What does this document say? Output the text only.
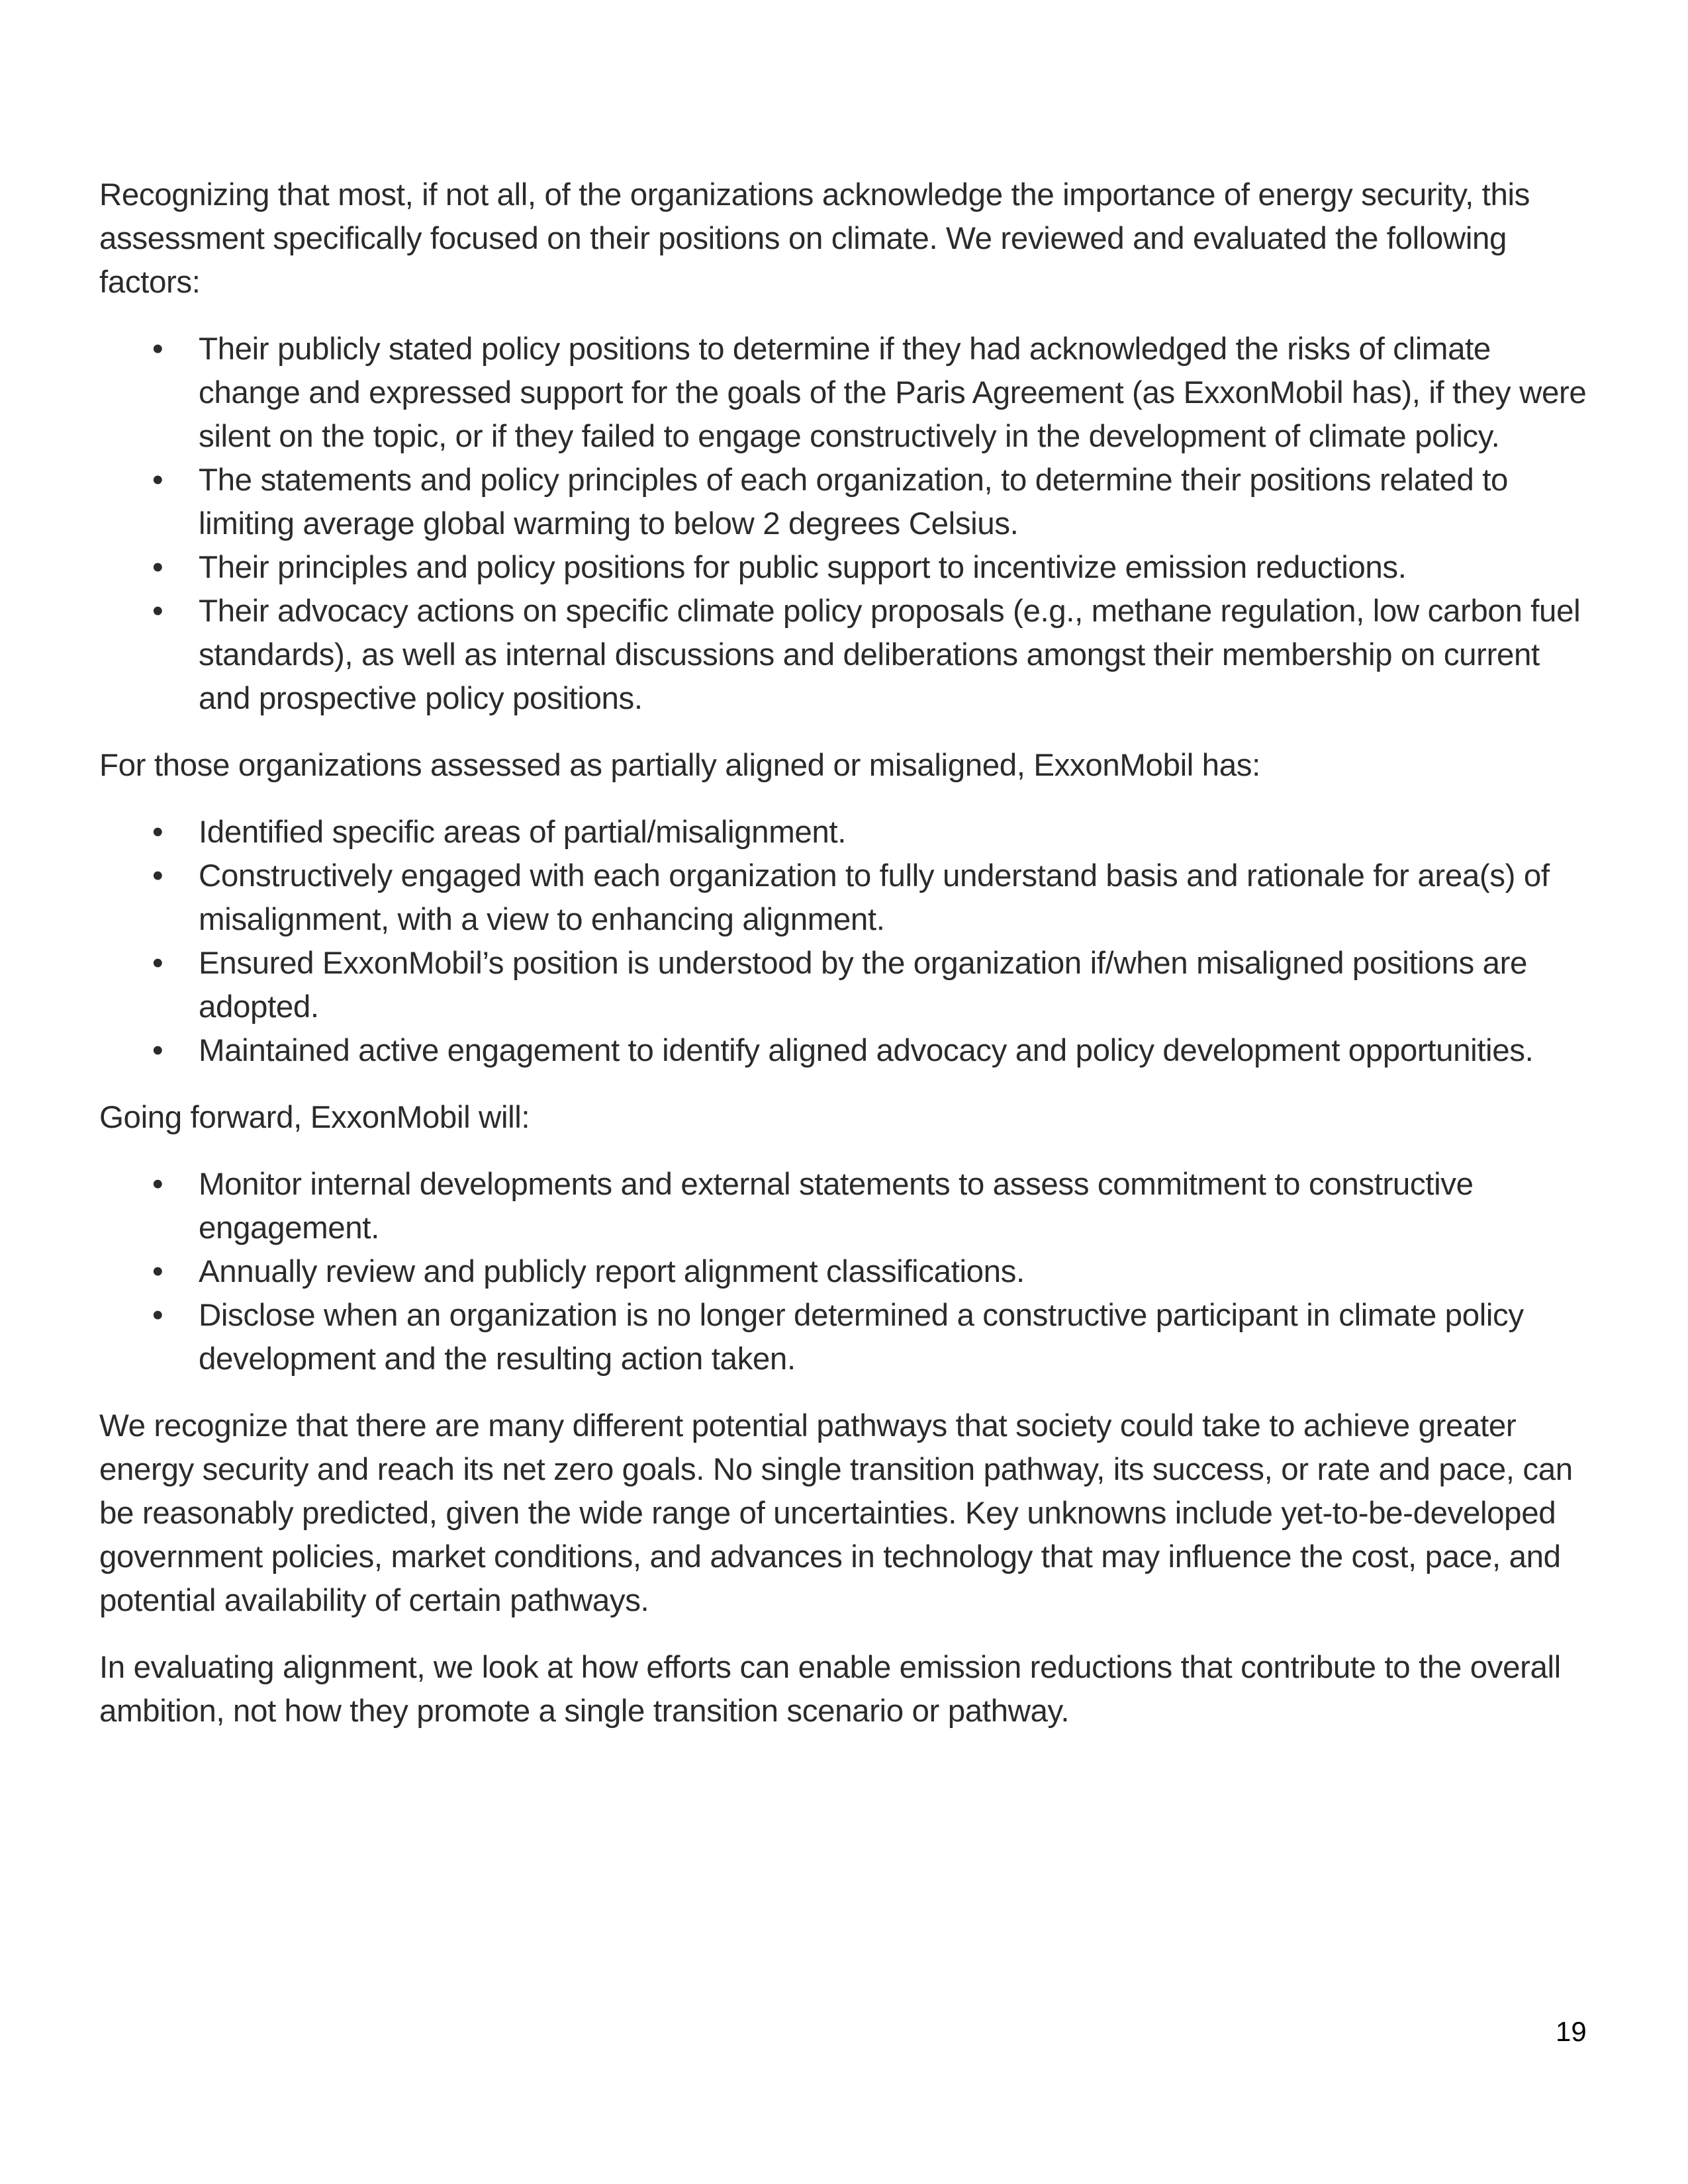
Recognizing that most, if not all, of the organizations acknowledge the importance of energy security, this assessment specifically focused on their positions on climate. We reviewed and evaluated the following factors:

• Their publicly stated policy positions to determine if they had acknowledged the risks of climate change and expressed support for the goals of the Paris Agreement (as ExxonMobil has), if they were silent on the topic, or if they failed to engage constructively in the development of climate policy.
• The statements and policy principles of each organization, to determine their positions related to limiting average global warming to below 2 degrees Celsius.
• Their principles and policy positions for public support to incentivize emission reductions.
• Their advocacy actions on specific climate policy proposals (e.g., methane regulation, low carbon fuel standards), as well as internal discussions and deliberations amongst their membership on current and prospective policy positions.

For those organizations assessed as partially aligned or misaligned, ExxonMobil has:

• Identified specific areas of partial/misalignment.
• Constructively engaged with each organization to fully understand basis and rationale for area(s) of misalignment, with a view to enhancing alignment.
• Ensured ExxonMobil’s position is understood by the organization if/when misaligned positions are adopted.
• Maintained active engagement to identify aligned advocacy and policy development opportunities.

Going forward, ExxonMobil will:

• Monitor internal developments and external statements to assess commitment to constructive engagement.
• Annually review and publicly report alignment classifications.
• Disclose when an organization is no longer determined a constructive participant in climate policy development and the resulting action taken.

We recognize that there are many different potential pathways that society could take to achieve greater energy security and reach its net zero goals. No single transition pathway, its success, or rate and pace, can be reasonably predicted, given the wide range of uncertainties. Key unknowns include yet-to-be-developed government policies, market conditions, and advances in technology that may influence the cost, pace, and potential availability of certain pathways.

In evaluating alignment, we look at how efforts can enable emission reductions that contribute to the overall ambition, not how they promote a single transition scenario or pathway.

19
